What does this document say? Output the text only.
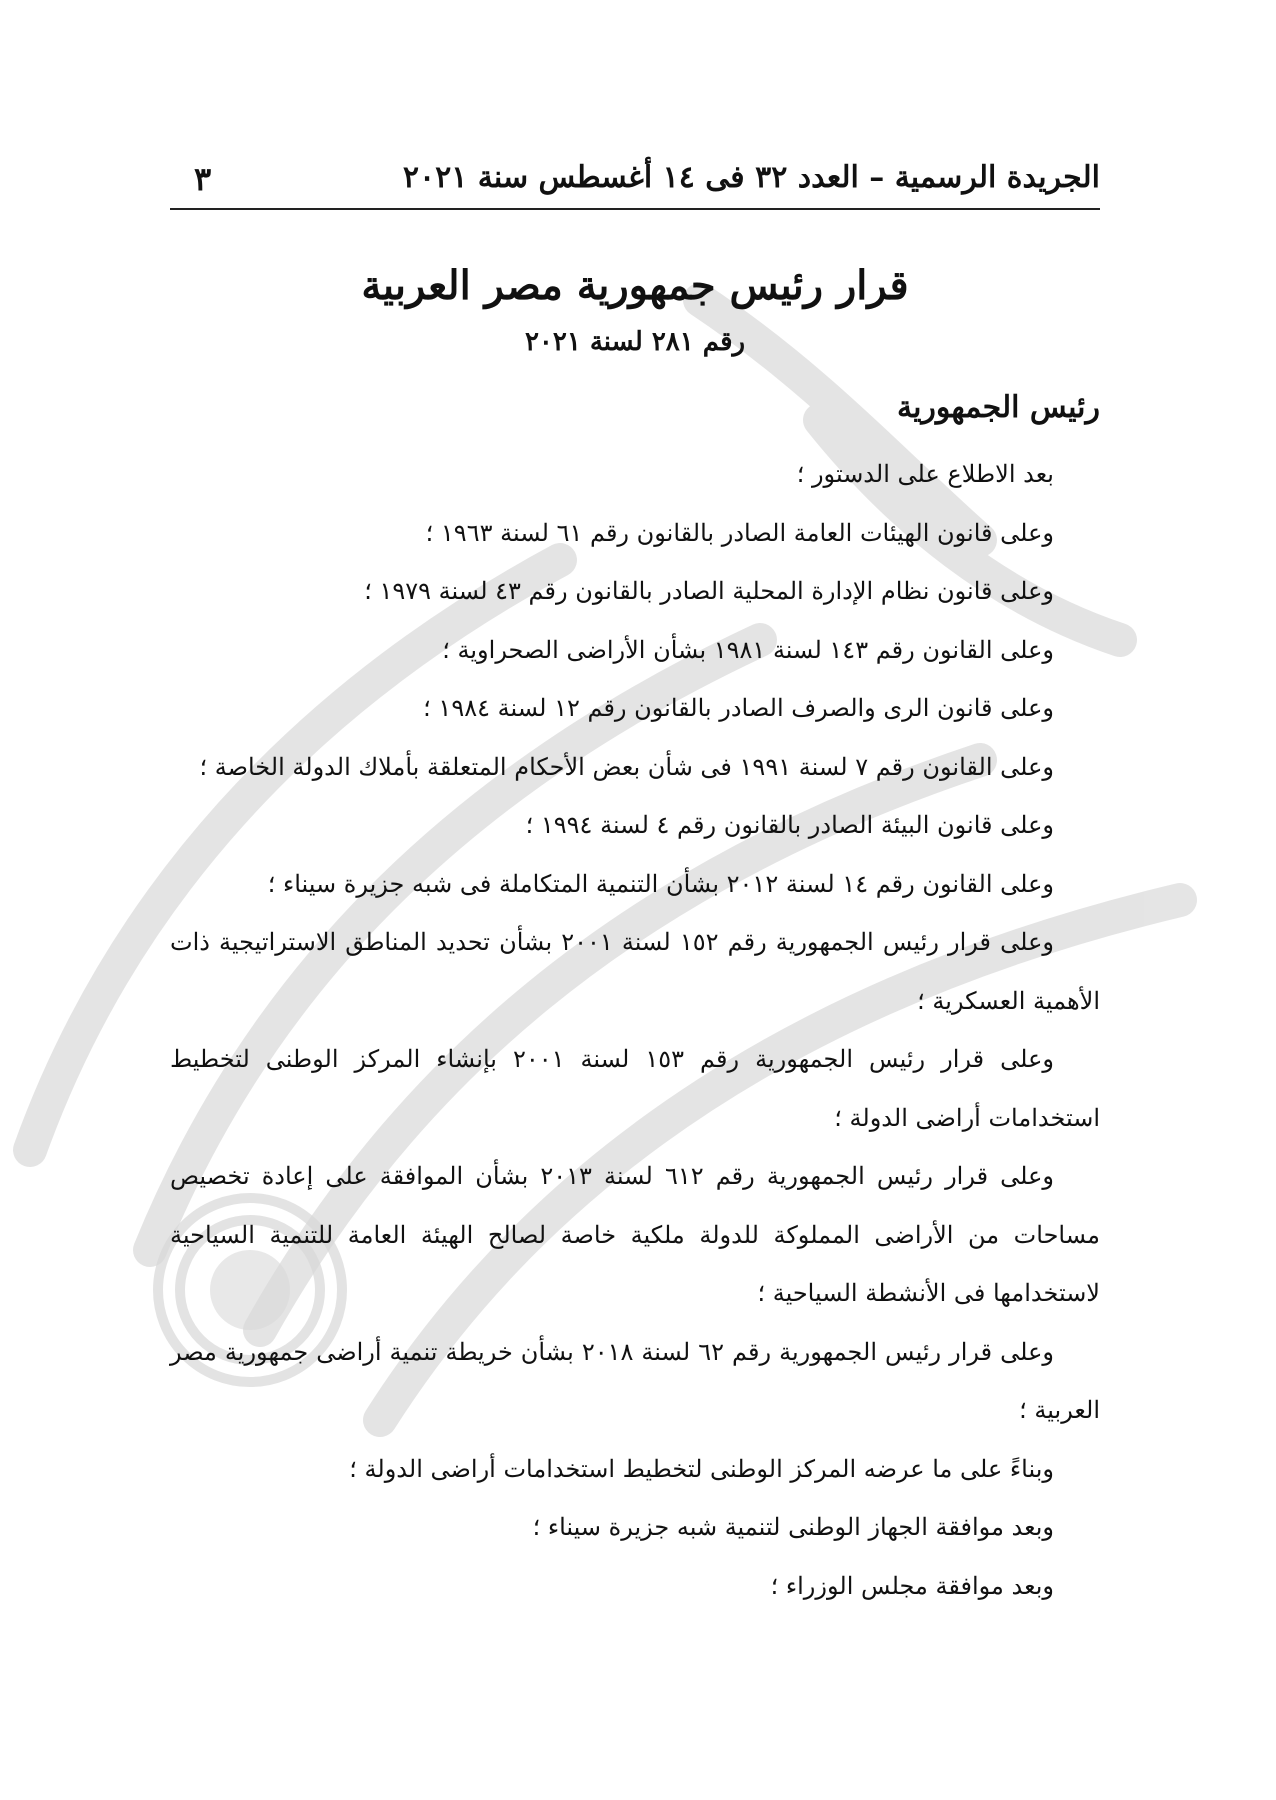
الجريدة الرسمية – العدد ٣٢ فى ١٤ أغسطس سنة ٢٠٢١
٣
قرار رئيس جمهورية مصر العربية
رقم ٢٨١ لسنة ٢٠٢١
رئيس الجمهورية

بعد الاطلاع على الدستور ؛

وعلى قانون الهيئات العامة الصادر بالقانون رقم ٦١ لسنة ١٩٦٣ ؛

وعلى قانون نظام الإدارة المحلية الصادر بالقانون رقم ٤٣ لسنة ١٩٧٩ ؛

وعلى القانون رقم ١٤٣ لسنة ١٩٨١ بشأن الأراضى الصحراوية ؛

وعلى قانون الرى والصرف الصادر بالقانون رقم ١٢ لسنة ١٩٨٤ ؛

وعلى القانون رقم ٧ لسنة ١٩٩١ فى شأن بعض الأحكام المتعلقة بأملاك الدولة الخاصة ؛

وعلى قانون البيئة الصادر بالقانون رقم ٤ لسنة ١٩٩٤ ؛

وعلى القانون رقم ١٤ لسنة ٢٠١٢ بشأن التنمية المتكاملة فى شبه جزيرة سيناء ؛

وعلى قرار رئيس الجمهورية رقم ١٥٢ لسنة ٢٠٠١ بشأن تحديد المناطق الاستراتيجية ذات الأهمية العسكرية ؛

وعلى قرار رئيس الجمهورية رقم ١٥٣ لسنة ٢٠٠١ بإنشاء المركز الوطنى لتخطيط استخدامات أراضى الدولة ؛

وعلى قرار رئيس الجمهورية رقم ٦١٢ لسنة ٢٠١٣ بشأن الموافقة على إعادة تخصيص مساحات من الأراضى المملوكة للدولة ملكية خاصة لصالح الهيئة العامة للتنمية السياحية لاستخدامها فى الأنشطة السياحية ؛

وعلى قرار رئيس الجمهورية رقم ٦٢ لسنة ٢٠١٨ بشأن خريطة تنمية أراضى جمهورية مصر العربية ؛

وبناءً على ما عرضه المركز الوطنى لتخطيط استخدامات أراضى الدولة ؛

وبعد موافقة الجهاز الوطنى لتنمية شبه جزيرة سيناء ؛

وبعد موافقة مجلس الوزراء ؛
